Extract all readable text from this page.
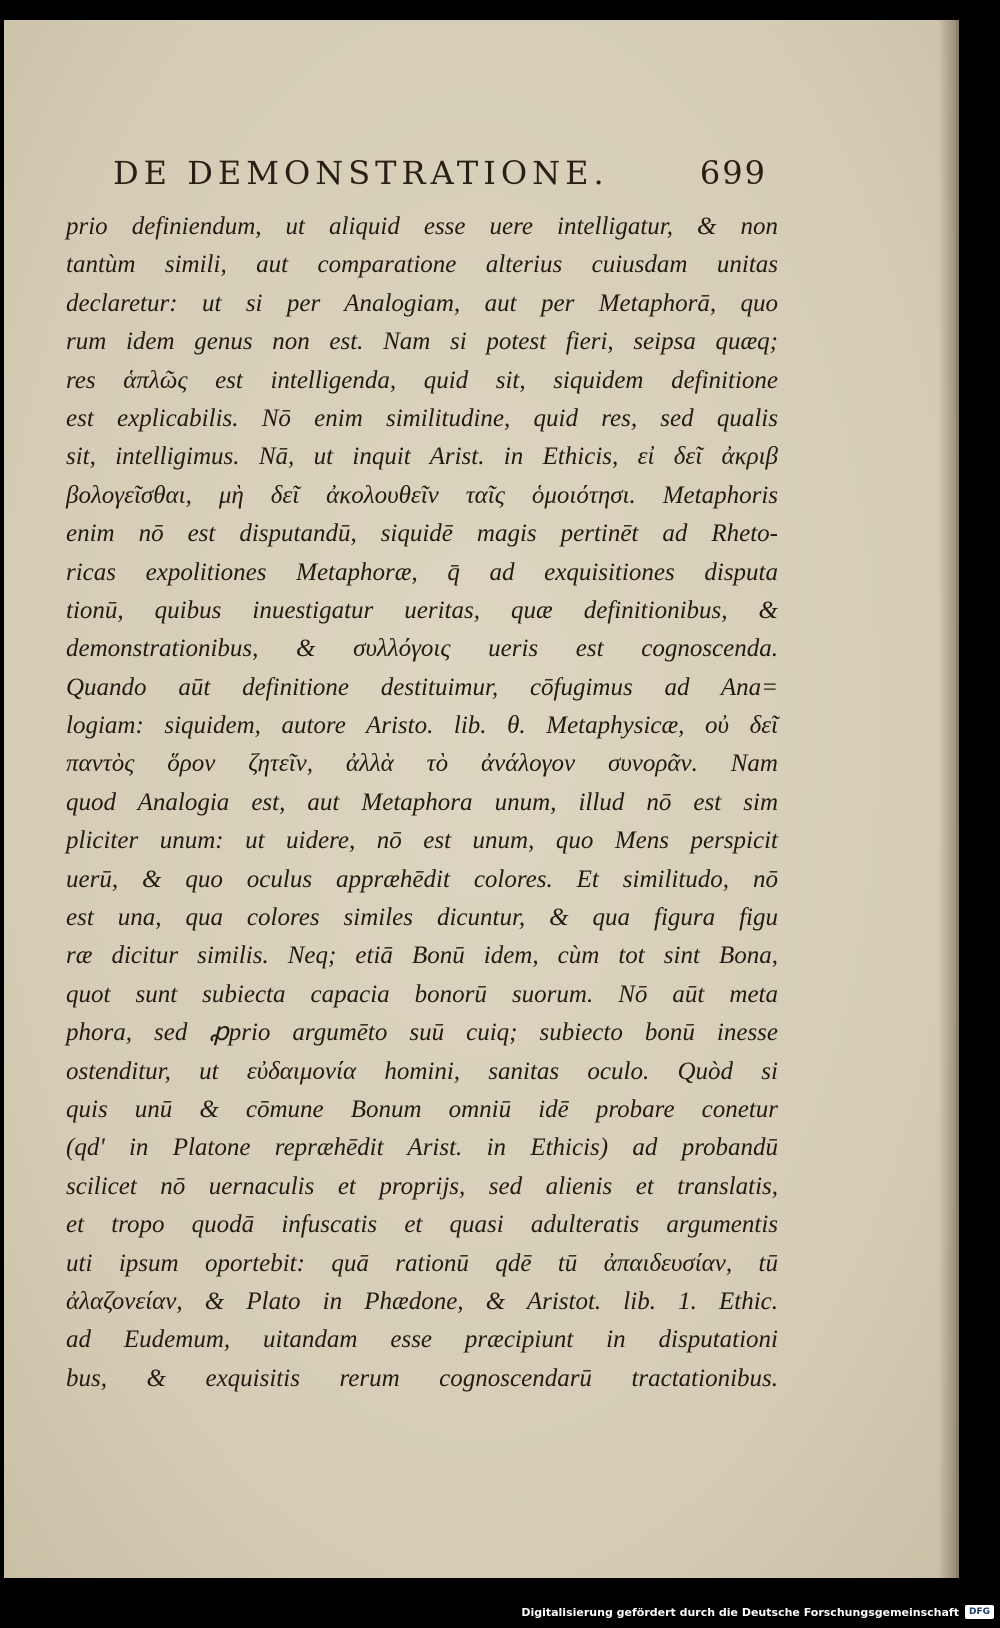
DE DEMONSTRATIONE.	699
prio definiendum, ut aliquid esse uere intelligatur, & non
tantùm simili, aut comparatione alterius cuiusdam unitas
declaretur: ut si per Analogiam, aut per Metaphorā, quo
rum idem genus non est. Nam si potest fieri, seipsa quæq;
res ἁπλῶς est intelligenda, quid sit, siquidem definitione
est explicabilis. Nō enim similitudine, quid res, sed qualis
sit, intelligimus. Nā, ut inquit Arist. in Ethicis, εἰ δεῖ ἀκριβ
βολογεῖσθαι, μὴ δεῖ ἀκολουθεῖν ταῖς ὁμοιότησι. Metaphoris
enim nō est disputandū, siquidē magis pertinēt ad Rheto-
ricas expolitiones Metaphoræ, q̄ ad exquisitiones disputa
tionū, quibus inuestigatur ueritas, quæ definitionibus, &
demonstrationibus, & συλλόγοις ueris est cognoscenda.
Quando aūt definitione destituimur, cōfugimus ad Ana=
logiam: siquidem, autore Aristo. lib. θ. Metaphysicæ, οὐ δεῖ
παντὸς ὅρον ζητεῖν, ἀλλὰ τὸ ἀνάλογον συνορᾶν. Nam
quod Analogia est, aut Metaphora unum, illud nō est sim
pliciter unum: ut uidere, nō est unum, quo Mens perspicit
uerū, & quo oculus appræhēdit colores. Et similitudo, nō
est una, qua colores similes dicuntur, & qua figura figu
ræ dicitur similis. Neq; etiā Bonū idem, cùm tot sint Bona,
quot sunt subiecta capacia bonorū suorum. Nō aūt meta
phora, sed ꝓprio argumēto suū cuiq; subiecto bonū inesse
ostenditur, ut εὐδαιμονία homini, sanitas oculo. Quòd si
quis unū & cōmune Bonum omniū idē probare conetur
(qd' in Platone repræhēdit Arist. in Ethicis) ad probandū
scilicet nō uernaculis et proprijs, sed alienis et translatis,
et tropo quodā infuscatis et quasi adulteratis argumentis
uti ipsum oportebit: quā rationū qdē tū ἀπαιδευσίαν, tū
ἀλαζονείαν, & Plato in Phædone, & Aristot. lib. 1. Ethic.
ad Eudemum, uitandam esse præcipiunt in disputationi
bus, & exquisitis rerum cognoscendarū tractationibus.
Digitalisierung gefördert durch die Deutsche Forschungsgemeinschaft	DFG
